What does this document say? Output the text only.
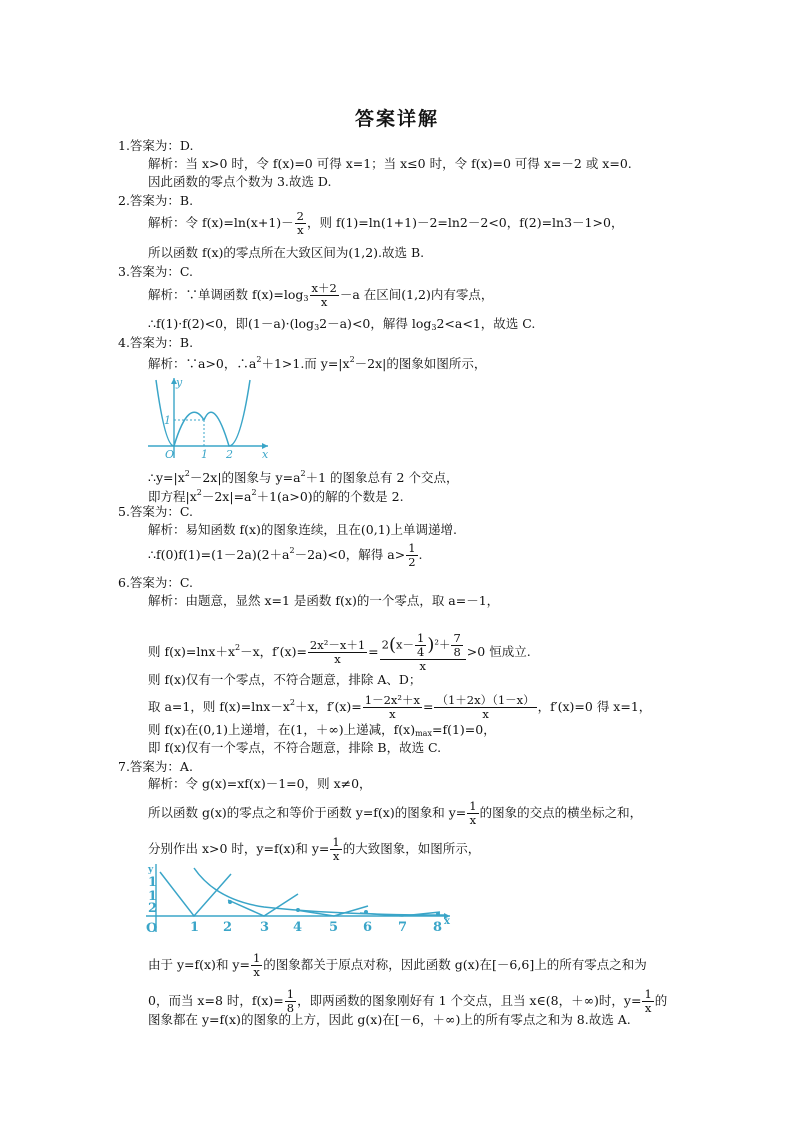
答案详解
1.答案为：D.
解析：当 x>0 时，令 f(x)=0 可得 x=1；当 x≤0 时，令 f(x)=0 可得 x=－2 或 x=0.
因此函数的零点个数为 3.故选 D.
2.答案为：B.
解析：令 $f(x)=\ln(x+1)- \frac{2}{x}$ ，则 f(1)=ln(1+1)－2=ln2－2<0，f(2)=ln3－1>0，
所以函数 f(x)的零点所在大致区间为(1,2).故选 B.
3.答案为：C.
解析：∵单调函数 $f(x)=\log_3 \frac{x+2}{x} -a$ 在区间(1,2)内有零点，
∴f(1)·f(2)<0，即$(1-a)\cdot(\log_32-a)<0$，解得 $\log_32<a<1$，故选 C.
4.答案为：B.
解析：∵a>0，$\therefore a^2+1>1$.而 $y=|x^2-2x|$的图象如图所示，
y
x
O
1
1 2
$\therefore y=|x^2-2x|$的图象与 $y=a^2+1$ 的图象总有 2 个交点，
即方程$|x^2-2x|=a^2+1(a>0)$的解的个数是 2.
5.答案为：C.
解析：易知函数 f(x)的图象连续，且在(0,1)上单调递增.
$\therefore f(0)f(1)=(1-2a)(2+a^2-2a)<0$，解得 $a> \frac{1}{2}$ .
6.答案为：C.
解析：由题意，显然 x=1 是函数 f(x)的一个零点，取 a=－1，
则 $f(x)=\ln x+x^2-x$，$f'(x)= \frac{\text{2x²－x＋1}}{x} = \frac{2(x- \frac{1}{4} )^2+ \frac{7}{8}}{x} >0$ 恒成立.
则 f(x)仅有一个零点，不符合题意，排除 A、D；
取 a=1，则 $f(x)=\ln x-x^2+x$，$f'(x)= \frac{\text{1－2x²＋x}}{x} = \frac{(1+2x)(1-x)}{x}$ ，f′(x)=0 得 x=1，
则 f(x)在(0,1)上递增，在(1，＋∞)上递减，$f(x)_{max}=f(1)=0$，
即 f(x)仅有一个零点，不符合题意，排除 B，故选 C.
7.答案为：A.
解析：令 g(x)=xf(x)－1=0，则 x≠0，
所以函数 g(x)的零点之和等价于函数 y=f(x)的图象和 $y= \frac{1}{x}$ 的图象的交点的横坐标之和，
分别作出 x>0 时，y=f(x)和 $y= \frac{1}{x}$ 的大致图象，如图所示，
y
x
O
1
1
2
1 2 3 4 5 6 7 8
由于 y=f(x)和 $y= \frac{1}{x}$ 的图象都关于原点对称，因此函数 g(x)在[－6,6]上的所有零点之和为
0，而当 x=8 时，$f(x)= \frac{1}{8}$ ，即两函数的图象刚好有 1 个交点，且当 x∈(8，＋∞)时，$y= \frac{1}{x}$ 的
图象都在 y=f(x)的图象的上方，因此 g(x)在[－6，＋∞)上的所有零点之和为 8.故选 A.
